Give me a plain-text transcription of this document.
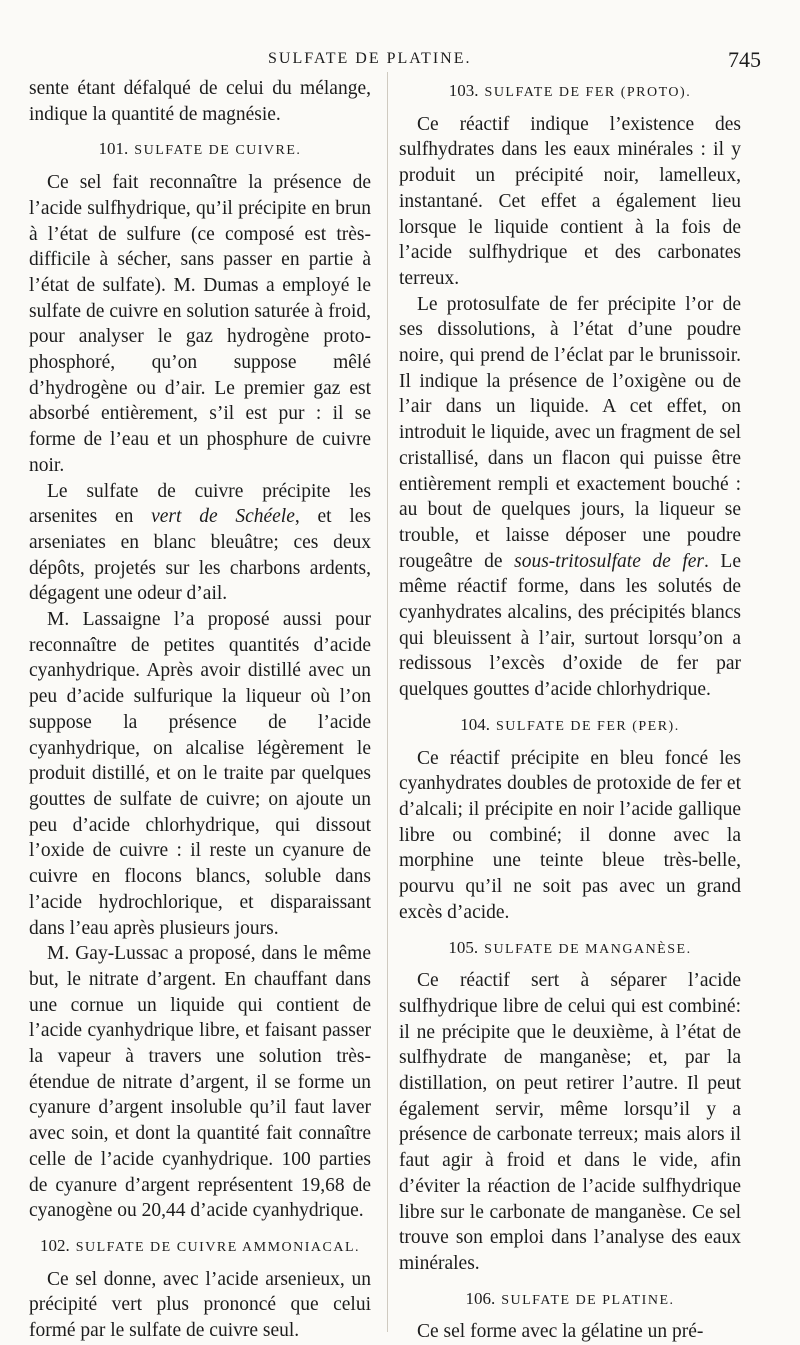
SULFATE DE PLATINE.	745

sente étant défalqué de celui du mélange, indique la quantité de magnésie.

101. SULFATE DE CUIVRE.

Ce sel fait reconnaître la présence de l’acide sulfhydrique, qu’il précipite en brun à l’état de sulfure (ce composé est très-difficile à sécher, sans passer en partie à l’état de sulfate). M. Dumas a employé le sulfate de cuivre en solution saturée à froid, pour analyser le gaz hydrogène proto-phosphoré, qu’on suppose mêlé d’hydrogène ou d’air. Le premier gaz est absorbé entièrement, s’il est pur : il se forme de l’eau et un phosphure de cuivre noir.

Le sulfate de cuivre précipite les arsenites en vert de Schéele, et les arseniates en blanc bleuâtre; ces deux dépôts, projetés sur les charbons ardents, dégagent une odeur d’ail.

M. Lassaigne l’a proposé aussi pour reconnaître de petites quantités d’acide cyanhydrique. Après avoir distillé avec un peu d’acide sulfurique la liqueur où l’on suppose la présence de l’acide cyanhydrique, on alcalise légèrement le produit distillé, et on le traite par quelques gouttes de sulfate de cuivre; on ajoute un peu d’acide chlorhydrique, qui dissout l’oxide de cuivre : il reste un cyanure de cuivre en flocons blancs, soluble dans l’acide hydrochlorique, et disparaissant dans l’eau après plusieurs jours.

M. Gay-Lussac a proposé, dans le même but, le nitrate d’argent. En chauffant dans une cornue un liquide qui contient de l’acide cyanhydrique libre, et faisant passer la vapeur à travers une solution très-étendue de nitrate d’argent, il se forme un cyanure d’argent insoluble qu’il faut laver avec soin, et dont la quantité fait connaître celle de l’acide cyanhydrique. 100 parties de cyanure d’argent représentent 19,68 de cyanogène ou 20,44 d’acide cyanhydrique.

102. SULFATE DE CUIVRE AMMONIACAL.

Ce sel donne, avec l’acide arsenieux, un précipité vert plus prononcé que celui formé par le sulfate de cuivre seul.

103. SULFATE DE FER (PROTO).

Ce réactif indique l’existence des sulfhydrates dans les eaux minérales : il y produit un précipité noir, lamelleux, instantané. Cet effet a également lieu lorsque le liquide contient à la fois de l’acide sulfhydrique et des carbonates terreux.

Le protosulfate de fer précipite l’or de ses dissolutions, à l’état d’une poudre noire, qui prend de l’éclat par le brunissoir. Il indique la présence de l’oxigène ou de l’air dans un liquide. A cet effet, on introduit le liquide, avec un fragment de sel cristallisé, dans un flacon qui puisse être entièrement rempli et exactement bouché : au bout de quelques jours, la liqueur se trouble, et laisse déposer une poudre rougeâtre de sous-tritosulfate de fer. Le même réactif forme, dans les solutés de cyanhydrates alcalins, des précipités blancs qui bleuissent à l’air, surtout lorsqu’on a redissous l’excès d’oxide de fer par quelques gouttes d’acide chlorhydrique.

104. SULFATE DE FER (PER).

Ce réactif précipite en bleu foncé les cyanhydrates doubles de protoxide de fer et d’alcali; il précipite en noir l’acide gallique libre ou combiné; il donne avec la morphine une teinte bleue très-belle, pourvu qu’il ne soit pas avec un grand excès d’acide.

105. SULFATE DE MANGANÈSE.

Ce réactif sert à séparer l’acide sulfhydrique libre de celui qui est combiné: il ne précipite que le deuxième, à l’état de sulfhydrate de manganèse; et, par la distillation, on peut retirer l’autre. Il peut également servir, même lorsqu’il y a présence de carbonate terreux; mais alors il faut agir à froid et dans le vide, afin d’éviter la réaction de l’acide sulfhydrique libre sur le carbonate de manganèse. Ce sel trouve son emploi dans l’analyse des eaux minérales.

106. SULFATE DE PLATINE.

Ce sel forme avec la gélatine un pré-
